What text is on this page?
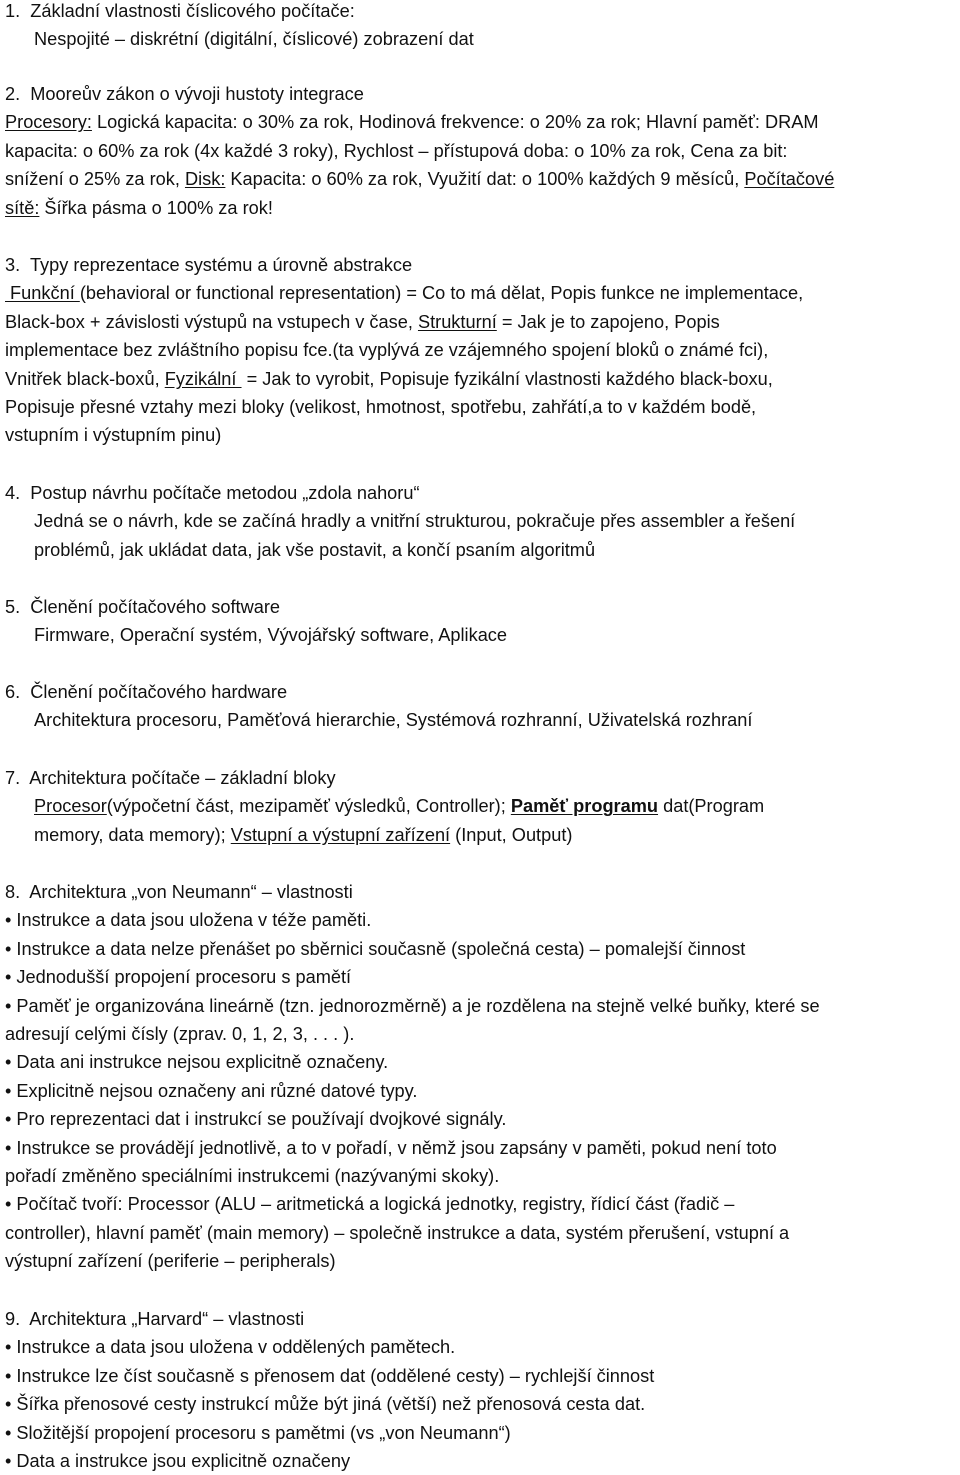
1.  Základní vlastnosti číslicového počítače:
Nespojité – diskrétní (digitální, číslicové) zobrazení dat
2.  Mooreův zákon o vývoji hustoty integrace
Procesory: Logická kapacita: o 30% za rok, Hodinová frekvence: o 20% za rok; Hlavní paměť: DRAM
kapacita: o 60% za rok (4x každé 3 roky), Rychlost – přístupová doba: o 10% za rok, Cena za bit:
snížení o 25% za rok, Disk: Kapacita: o 60% za rok, Využití dat: o 100% každých 9 měsíců, Počítačové
sítě: Šířka pásma o 100% za rok!
3.  Typy reprezentace systému a úrovně abstrakce
Funkční (behavioral or functional representation) = Co to má dělat, Popis funkce ne implementace,
Black-box + závislosti výstupů na vstupech v čase, Strukturní = Jak je to zapojeno, Popis
implementace bez zvláštního popisu fce.(ta vyplývá ze vzájemného spojení bloků o známé fci),
Vnitřek black-boxů, Fyzikální  = Jak to vyrobit, Popisuje fyzikální vlastnosti každého black-boxu,
Popisuje přesné vztahy mezi bloky (velikost, hmotnost, spotřebu, zahřátí,a to v každém bodě,
vstupním i výstupním pinu)
4.  Postup návrhu počítače metodou „zdola nahoru“
Jedná se o návrh, kde se začíná hradly a vnitřní strukturou, pokračuje přes assembler a řešení
problémů, jak ukládat data, jak vše postavit, a končí psaním algoritmů
5.  Členění počítačového software
Firmware, Operační systém, Vývojářský software, Aplikace
6.  Členění počítačového hardware
Architektura procesoru, Paměťová hierarchie, Systémová rozhranní, Uživatelská rozhraní
7.  Architektura počítače – základní bloky
Procesor(výpočetní část, mezipaměť výsledků, Controller); Paměť programu dat(Program
memory, data memory); Vstupní a výstupní zařízení (Input, Output)
8.  Architektura „von Neumann“ – vlastnosti
• Instrukce a data jsou uložena v téže paměti.
• Instrukce a data nelze přenášet po sběrnici současně (společná cesta) – pomalejší činnost
• Jednodušší propojení procesoru s pamětí
• Paměť je organizována lineárně (tzn. jednorozměrně) a je rozdělena na stejně velké buňky, které se
adresují celými čísly (zprav. 0, 1, 2, 3, . . . ).
• Data ani instrukce nejsou explicitně označeny.
• Explicitně nejsou označeny ani různé datové typy.
• Pro reprezentaci dat i instrukcí se používají dvojkové signály.
• Instrukce se provádějí jednotlivě, a to v pořadí, v němž jsou zapsány v paměti, pokud není toto
pořadí změněno speciálními instrukcemi (nazývanými skoky).
• Počítač tvoří: Processor (ALU – aritmetická a logická jednotky, registry, řídicí část (řadič –
controller), hlavní paměť (main memory) – společně instrukce a data, systém přerušení, vstupní a
výstupní zařízení (periferie – peripherals)
9.  Architektura „Harvard“ – vlastnosti
• Instrukce a data jsou uložena v oddělených pamětech.
• Instrukce lze číst současně s přenosem dat (oddělené cesty) – rychlejší činnost
• Šířka přenosové cesty instrukcí může být jiná (větší) než přenosová cesta dat.
• Složitější propojení procesoru s pamětmi (vs „von Neumann“)
• Data a instrukce jsou explicitně označeny
